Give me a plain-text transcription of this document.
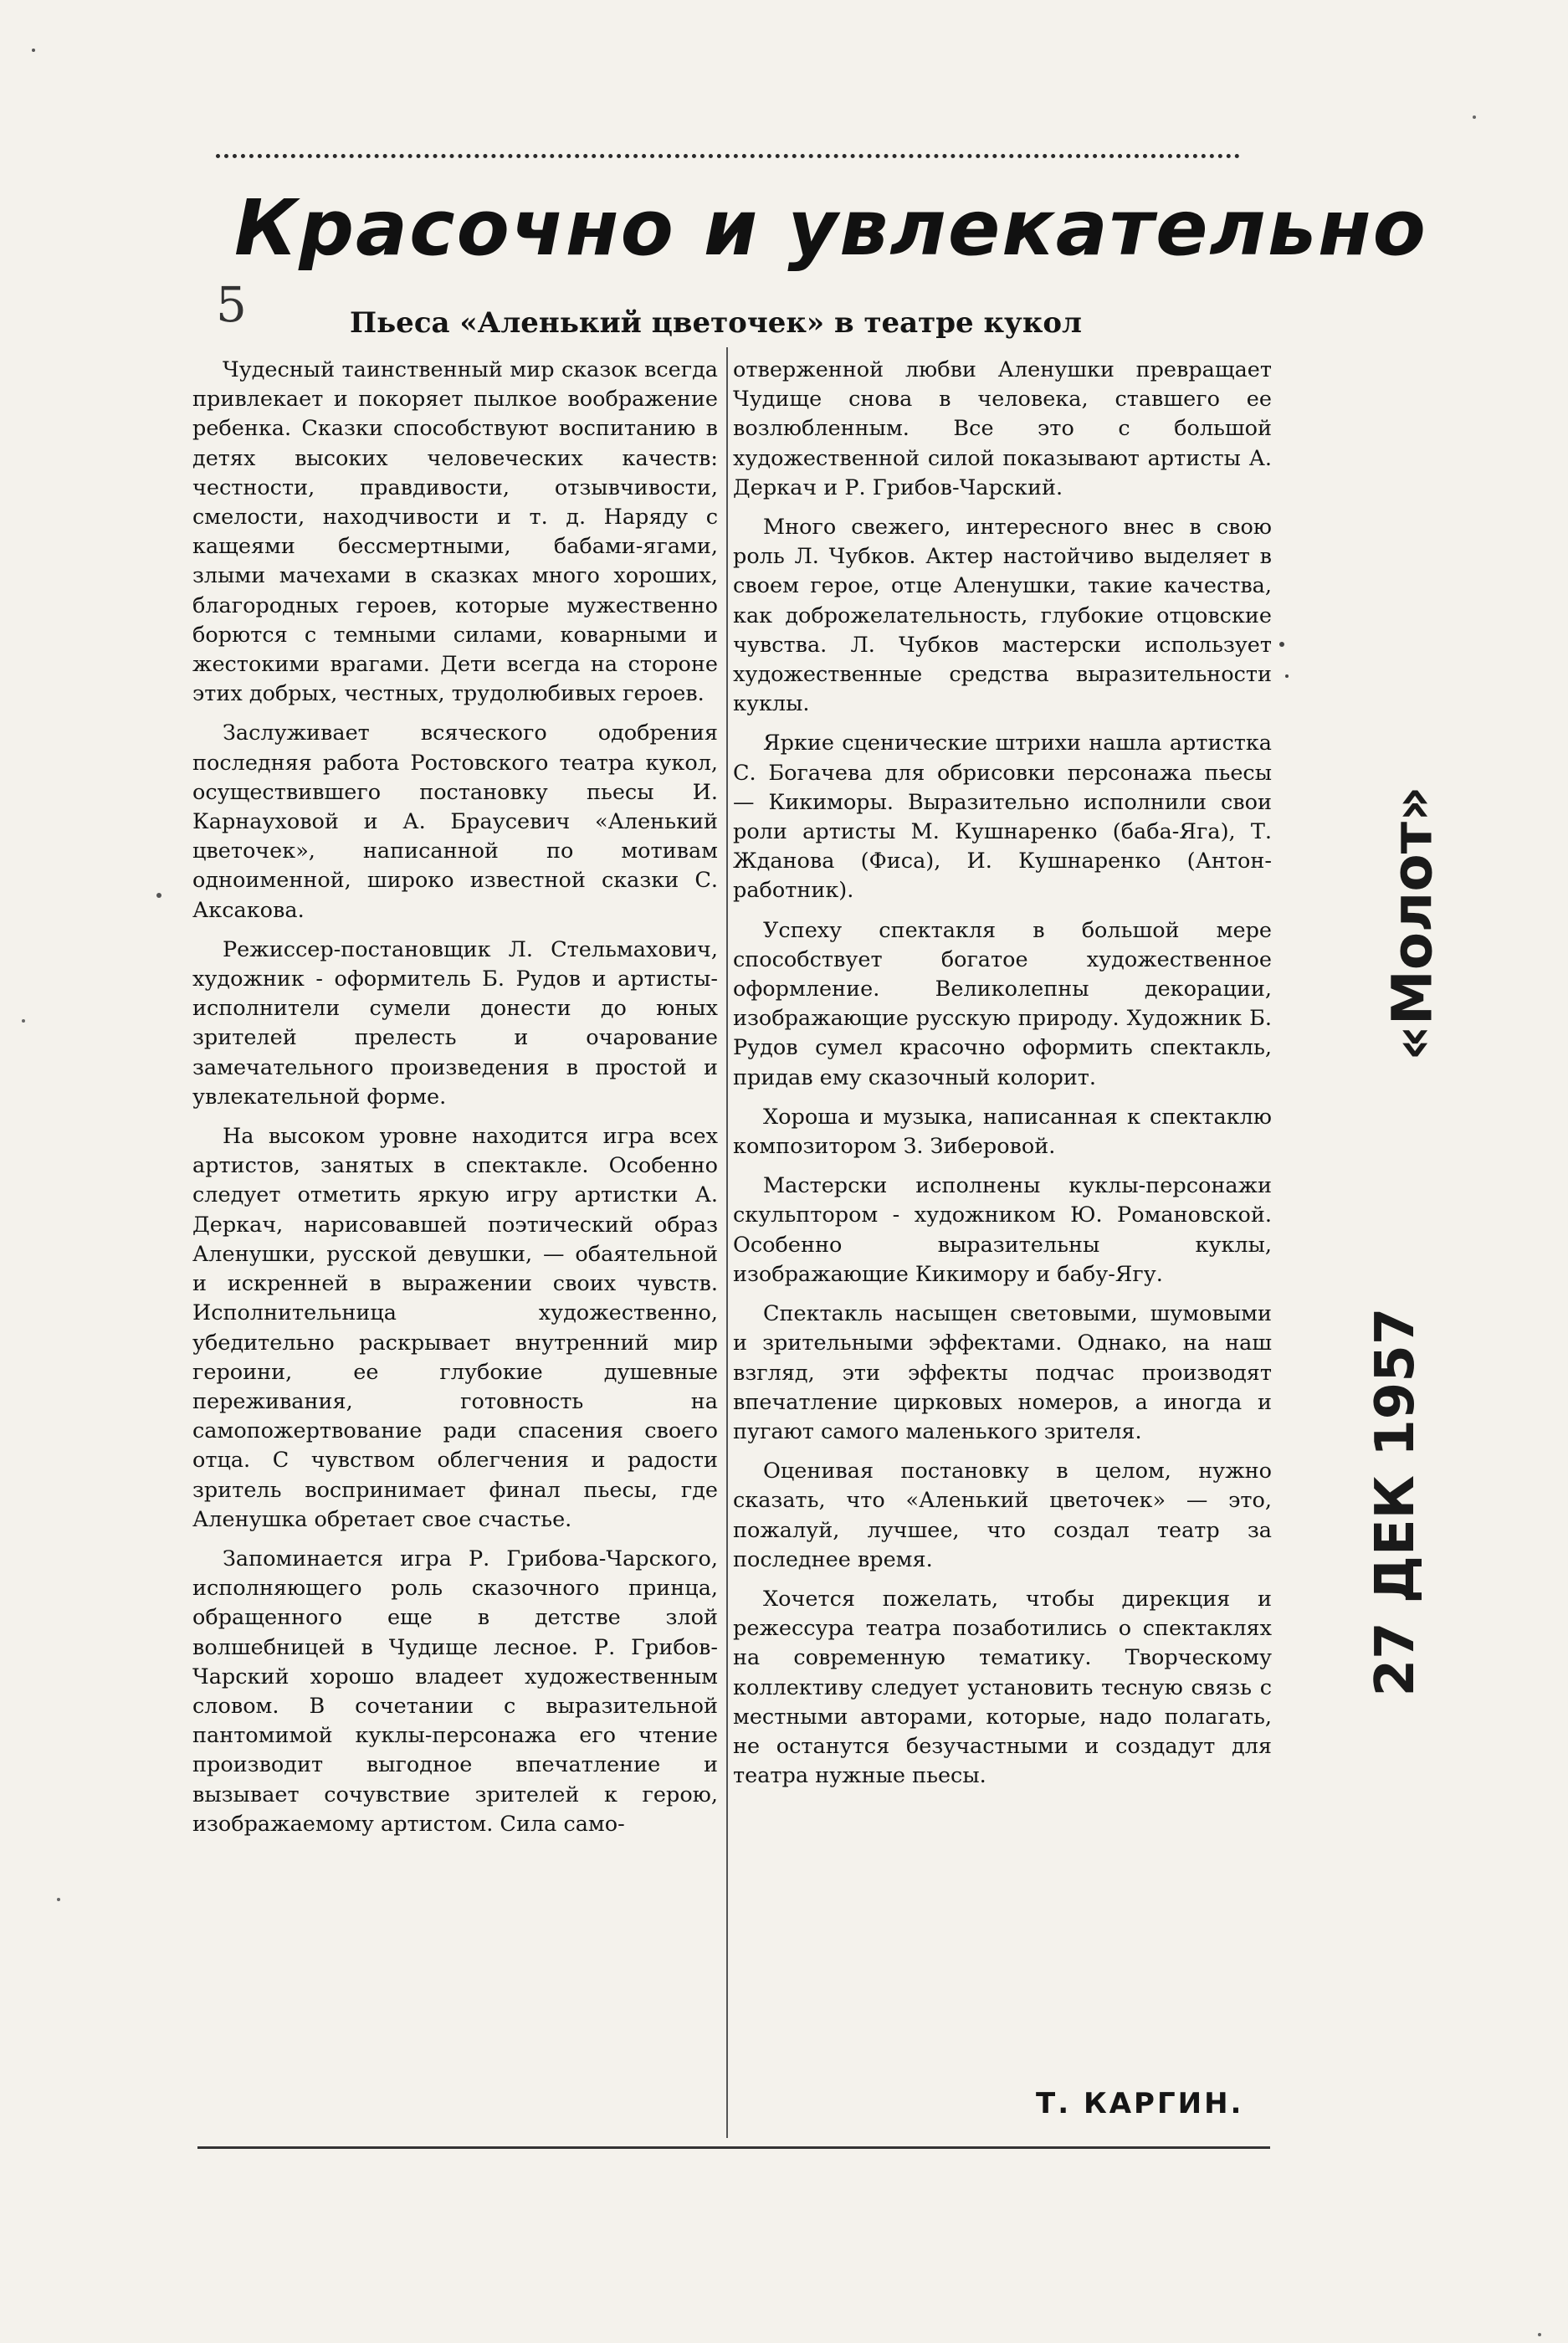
Красочно и увлекательно
5	Пьеса «Аленький цветочек» в театре кукол

Чудесный таинственный мир сказок всегда привлекает и покоряет пылкое воображение ребенка. Сказки способствуют воспитанию в детях высоких человеческих качеств: честности, правдивости, отзывчивости, смелости, находчивости и т. д. Наряду с кащеями бессмертными, бабами-ягами, злыми мачехами в сказках много хороших, благородных героев, которые мужественно борются с темными силами, коварными и жестокими врагами. Дети всегда на стороне этих добрых, честных, трудолюбивых героев.

Заслуживает всяческого одобрения последняя работа Ростовского театра кукол, осуществившего постановку пьесы И. Карнауховой и А. Браусевич «Аленький цветочек», написанной по мотивам одноименной, широко известной сказки С. Аксакова.

Режиссер-постановщик Л. Стельмахович, художник - оформитель Б. Рудов и артисты-исполнители сумели донести до юных зрителей прелесть и очарование замечательного произведения в простой и увлекательной форме.

На высоком уровне находится игра всех артистов, занятых в спектакле. Особенно следует отметить яркую игру артистки А. Деркач, нарисовавшей поэтический образ Аленушки, русской девушки, — обаятельной и искренней в выражении своих чувств. Исполнительница художественно, убедительно раскрывает внутренний мир героини, ее глубокие душевные переживания, готовность на самопожертвование ради спасения своего отца. С чувством облегчения и радости зритель воспринимает финал пьесы, где Аленушка обретает свое счастье.

Запоминается игра Р. Грибова-Чарского, исполняющего роль сказочного принца, обращенного еще в детстве злой волшебницей в Чудище лесное. Р. Грибов-Чарский хорошо владеет художественным словом. В сочетании с выразительной пантомимой куклы-персонажа его чтение производит выгодное впечатление и вызывает сочувствие зрителей к герою, изображаемому артистом. Сила само-

отверженной любви Аленушки превращает Чудище снова в человека, ставшего ее возлюбленным. Все это с большой художественной силой показывают артисты А. Деркач и Р. Грибов-Чарский.

Много свежего, интересного внес в свою роль Л. Чубков. Актер настойчиво выделяет в своем герое, отце Аленушки, такие качества, как доброжелательность, глубокие отцовские чувства. Л. Чубков мастерски использует художественные средства выразительности куклы.

Яркие сценические штрихи нашла артистка С. Богачева для обрисовки персонажа пьесы — Кикиморы. Выразительно исполнили свои роли артисты М. Кушнаренко (баба-Яга), Т. Жданова (Фиса), И. Кушнаренко (Антон-работник).

Успеху спектакля в большой мере способствует богатое художественное оформление. Великолепны декорации, изображающие русскую природу. Художник Б. Рудов сумел красочно оформить спектакль, придав ему сказочный колорит.

Хороша и музыка, написанная к спектаклю композитором З. Зиберовой.

Мастерски исполнены куклы-персонажи скульптором - художником Ю. Романовской. Особенно выразительны куклы, изображающие Кикимору и бабу-Ягу.

Спектакль насыщен световыми, шумовыми и зрительными эффектами. Однако, на наш взгляд, эти эффекты подчас производят впечатление цирковых номеров, а иногда и пугают самого маленького зрителя.

Оценивая постановку в целом, нужно сказать, что «Аленький цветочек» — это, пожалуй, лучшее, что создал театр за последнее время.

Хочется пожелать, чтобы дирекция и режессура театра позаботились о спектаклях на современную тематику. Творческому коллективу следует установить тесную связь с местными авторами, которые, надо полагать, не останутся безучастными и создадут для театра нужные пьесы.

Т. КАРГИН.
«Молот»
27 ДЕК 1957
